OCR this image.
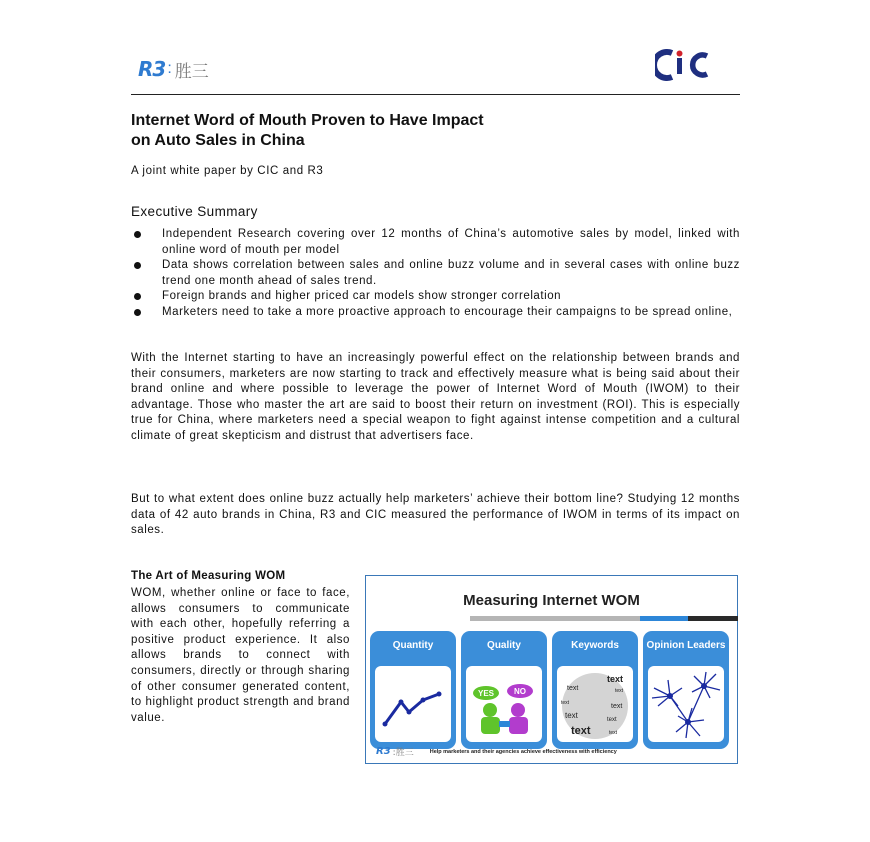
R3 : 胜三
Internet Word of Mouth Proven to Have Impact
on Auto Sales in China
A joint white paper by CIC and R3
Executive Summary
Independent Research covering over 12 months of China’s automotive sales by model, linked with online word of mouth per model
Data shows correlation between sales and online buzz volume and in several cases with online buzz trend one month ahead of sales trend.
Foreign brands and higher priced car models show stronger correlation
Marketers need to take a more proactive approach to encourage their campaigns to be spread online,

With the Internet starting to have an increasingly powerful effect on the relationship between brands and their consumers, marketers are now starting to track and effectively measure what is being said about their brand online and where possible to leverage the power of Internet Word of Mouth (IWOM) to their advantage. Those who master the art are said to boost their return on investment (ROI). This is especially true for China, where marketers need a special weapon to fight against intense competition and a cultural climate of great skepticism and distrust that advertisers face.

But to what extent does online buzz actually help marketers’ achieve their bottom line? Studying 12 months data of 42 auto brands in China, R3 and CIC measured the performance of IWOM in terms of its impact on sales.

The Art of Measuring WOM

WOM, whether online or face to face, allows consumers to communicate with each other, hopefully referring a positive product experience. It also allows brands to connect with consumers, directly or through sharing of other consumer generated content, to highlight product strength and brand value.

Measuring Internet WOM
Quantity	Quality
YES NO
Keywords
text
text	text
text	text
text	text
text	text
Opinion Leaders
R3 :胜三	Help marketers and their agencies achieve effectiveness with efficiency
